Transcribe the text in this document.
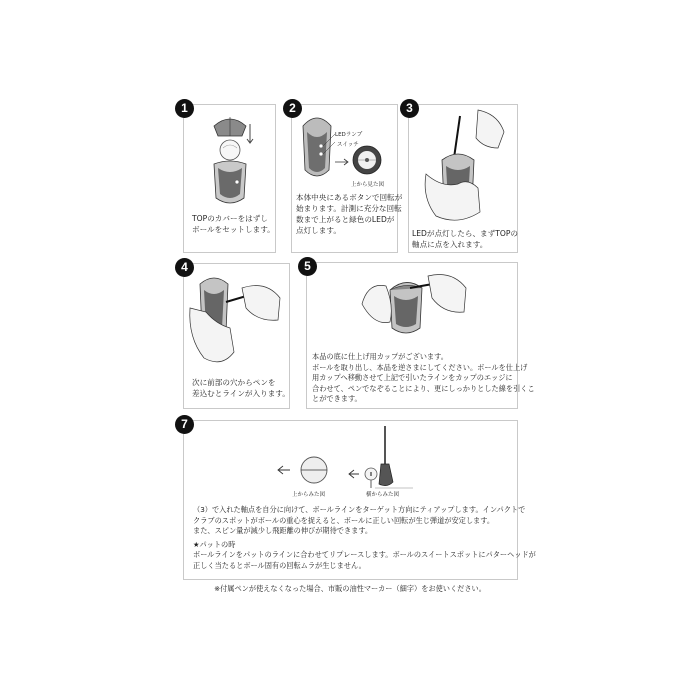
1
TOPのカバーをはずし
ボールをセットします。
2
LEDランプ
スイッチ
上から見た図
本体中央にあるボタンで回転が
始まります。計測に充分な回転
数まで上がると緑色のLEDが
点灯します。
3
LEDが点灯したら、まずTOPの
軸点に点を入れます。
4
次に前部の穴からペンを
差込むとラインが入ります。
5
本品の底に仕上げ用カップがございます。
ボールを取り出し、本品を逆さまにしてください。ボールを仕上げ
用カップへ移動させて上記で引いたラインをカップのエッジに
合わせて、ペンでなぞることにより、更にしっかりとした線を引くこ
とができます。
7
上からみた図	横からみた図
（3）で入れた軸点を自分に向けて、ボールラインをターゲット方向にティアップします。インパクトで
クラブのスポットがボールの重心を捉えると、ボールに正しい回転が生じ弾道が安定します。
また、スピン量が減少し飛距離の伸びが期待できます。
★パットの時
ボールラインをパットのラインに合わせてリプレースします。ボールのスイートスポットにパターヘッドが
正しく当たるとボール固有の回転ムラが生じません。
※付属ペンが使えなくなった場合、市販の油性マーカー（細字）をお使いください。
